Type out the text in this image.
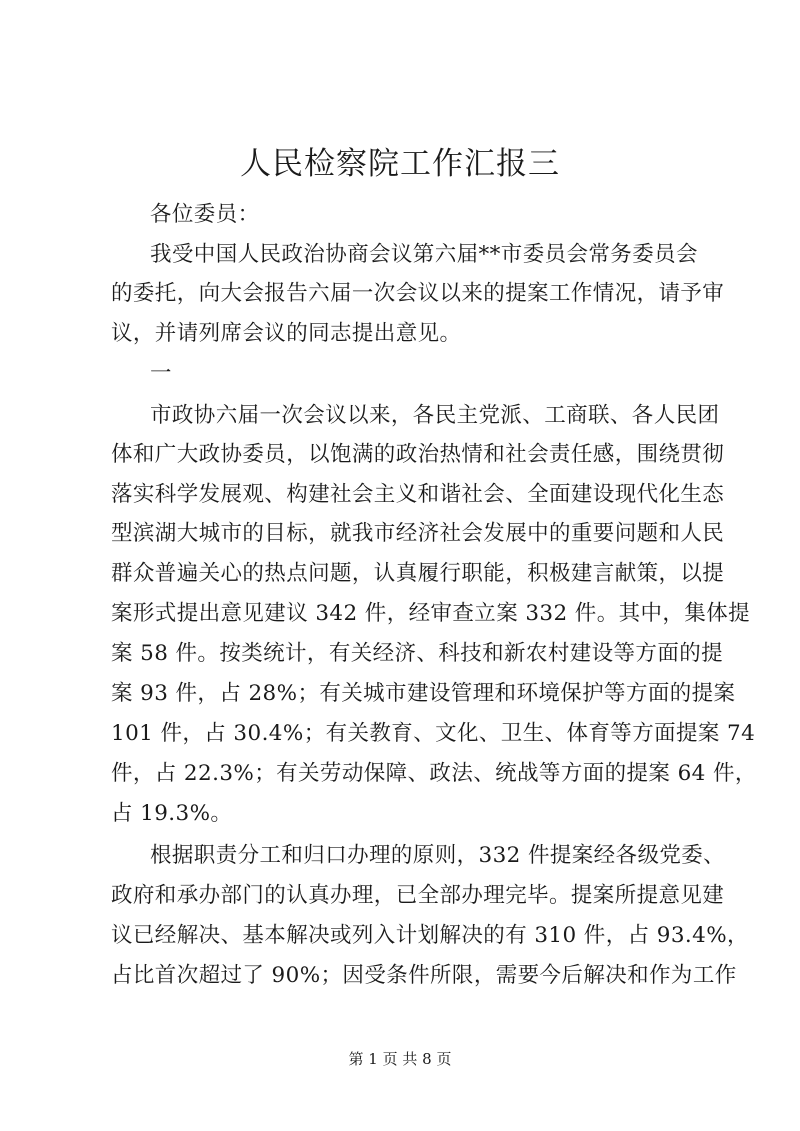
人民检察院工作汇报三
各位委员：
我受中国人民政治协商会议第六届**市委员会常务委员会
的委托，向大会报告六届一次会议以来的提案工作情况，请予审
议，并请列席会议的同志提出意见。
一
市政协六届一次会议以来，各民主党派、工商联、各人民团
体和广大政协委员，以饱满的政治热情和社会责任感，围绕贯彻
落实科学发展观、构建社会主义和谐社会、全面建设现代化生态
型滨湖大城市的目标，就我市经济社会发展中的重要问题和人民
群众普遍关心的热点问题，认真履行职能，积极建言献策，以提
案形式提出意见建议 342 件，经审查立案 332 件。其中，集体提
案 58 件。按类统计，有关经济、科技和新农村建设等方面的提
案 93 件，占 28%；有关城市建设管理和环境保护等方面的提案
101 件，占 30.4%；有关教育、文化、卫生、体育等方面提案 74
件，占 22.3%；有关劳动保障、政法、统战等方面的提案 64 件，
占 19.3%。
根据职责分工和归口办理的原则，332 件提案经各级党委、
政府和承办部门的认真办理，已全部办理完毕。提案所提意见建
议已经解决、基本解决或列入计划解决的有 310 件，占 93.4%，
占比首次超过了 90%；因受条件所限，需要今后解决和作为工作
第 1 页 共 8 页
